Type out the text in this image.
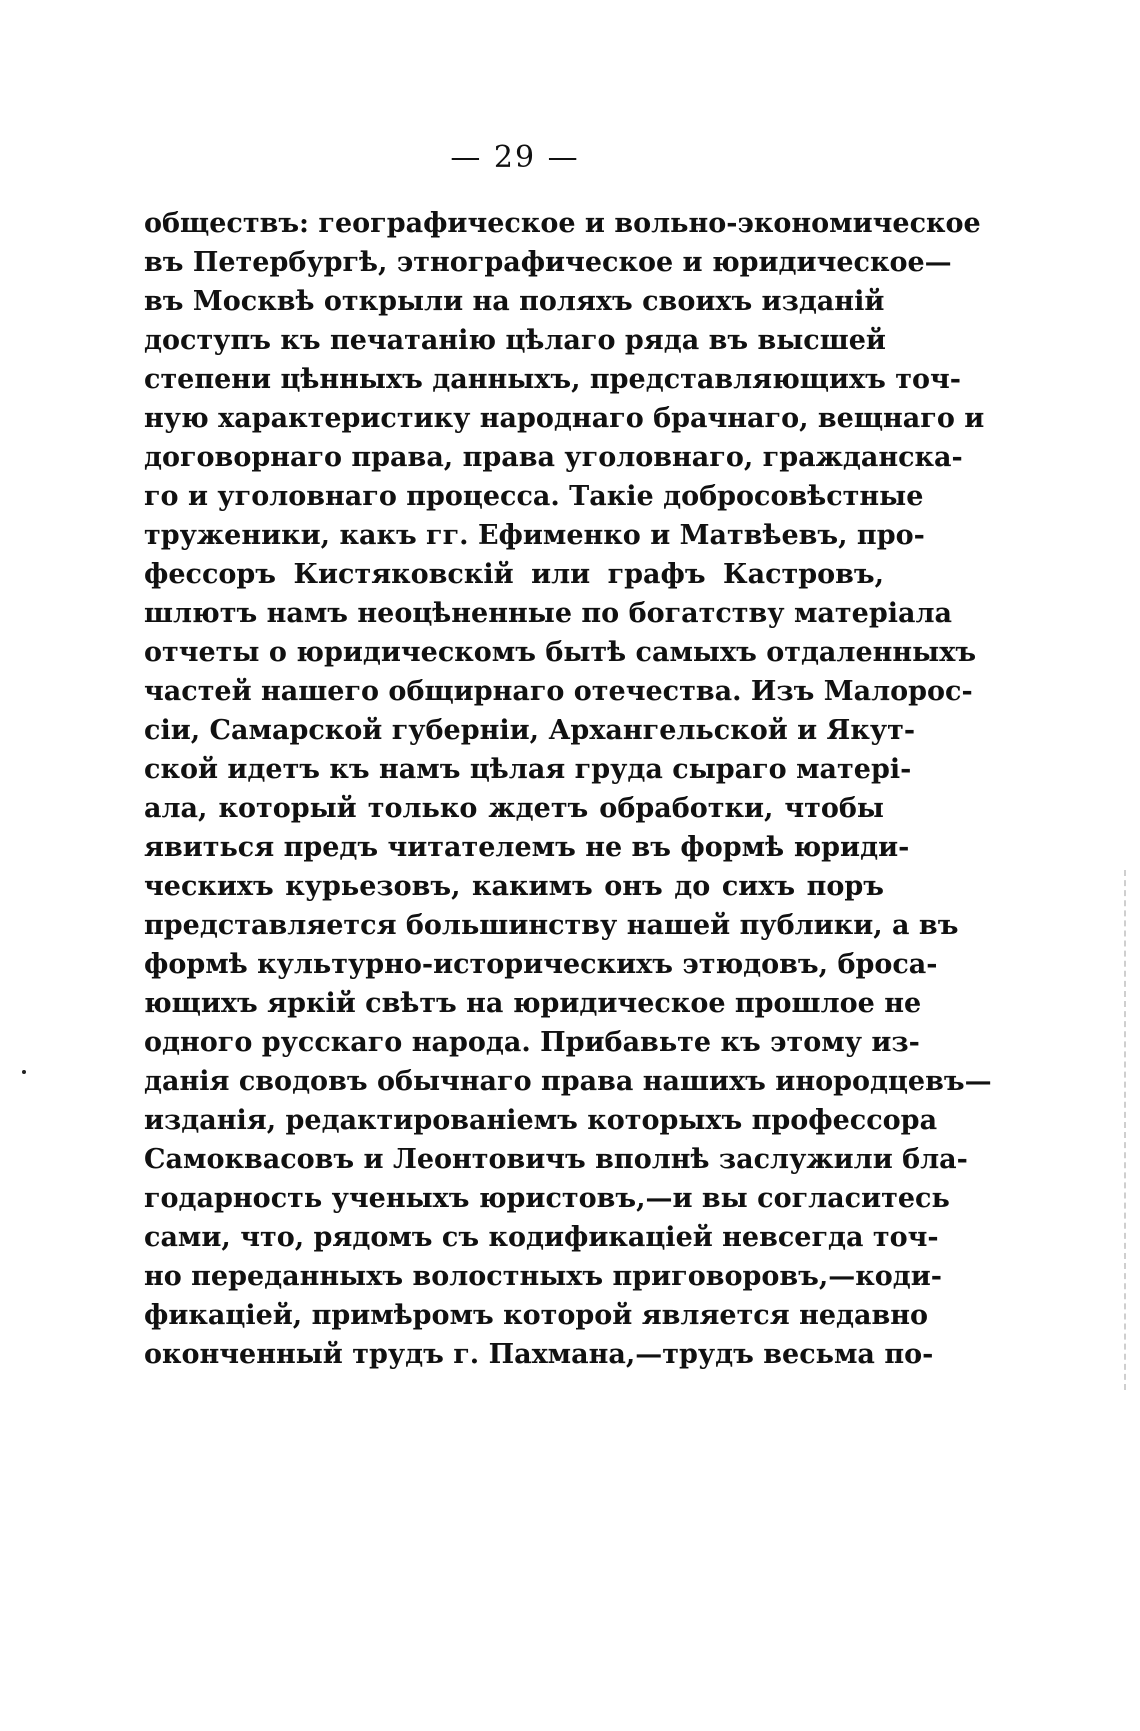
— 29 —
обществъ: географическое и вольно-экономическое
въ Петербургѣ, этнографическое и юридическое—
въ Москвѣ открыли на поляхъ своихъ изданій
доступъ къ печатанію цѣлаго ряда въ высшей
степени цѣнныхъ данныхъ, представляющихъ точ-
ную характеристику народнаго брачнаго, вещнаго и
договорнаго права, права уголовнаго, гражданска-
го и уголовнаго процесса. Такіе добросовѣстные
труженики, какъ гг. Ефименко и Матвѣевъ, про-
фессоръ Кистяковскій или графъ Кастровъ,
шлютъ намъ неоцѣненные по богатству матеріала
отчеты о юридическомъ бытѣ самыхъ отдаленныхъ
частей нашего общирнаго отечества. Изъ Малорос-
сіи, Самарской губерніи, Архангельской и Якут-
ской идетъ къ намъ цѣлая груда сыраго матері-
ала, который только ждетъ обработки, чтобы
явиться предъ читателемъ не въ формѣ юриди-
ческихъ курьезовъ, какимъ онъ до сихъ поръ
представляется большинству нашей публики, а въ
формѣ культурно-историческихъ этюдовъ, броса-
ющихъ яркій свѣтъ на юридическое прошлое не
одного русскаго народа. Прибавьте къ этому из-
данія сводовъ обычнаго права нашихъ инородцевъ—
изданія, редактированіемъ которыхъ профессора
Самоквасовъ и Леонтовичъ вполнѣ заслужили бла-
годарность ученыхъ юристовъ,—и вы согласитесь
сами, что, рядомъ съ кодификаціей невсегда точ-
но переданныхъ волостныхъ приговоровъ,—коди-
фикаціей, примѣромъ которой является недавно
оконченный трудъ г. Пахмана,—трудъ весьма по-
